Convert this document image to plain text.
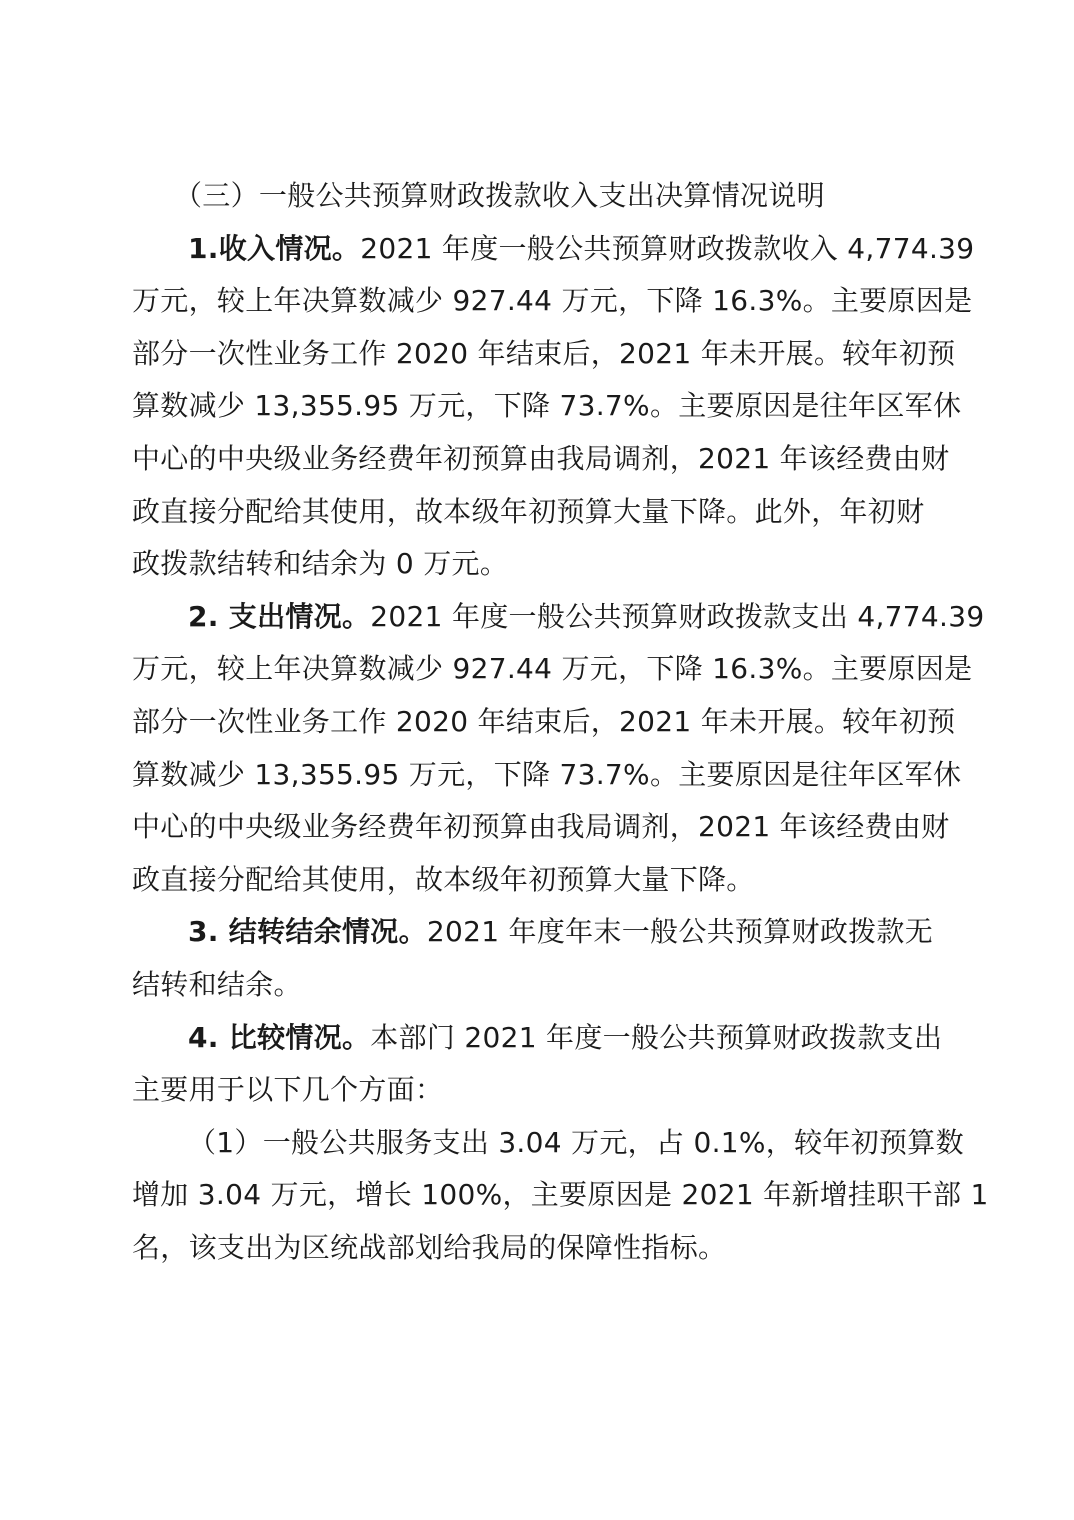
（三）一般公共预算财政拨款收入支出决算情况说明
1.收入情况。2021 年度一般公共预算财政拨款收入 4,774.39
万元，较上年决算数减少 927.44 万元，下降 16.3%。主要原因是
部分一次性业务工作 2020 年结束后，2021 年未开展。较年初预
算数减少 13,355.95 万元，下降 73.7%。主要原因是往年区军休
中心的中央级业务经费年初预算由我局调剂，2021 年该经费由财
政直接分配给其使用，故本级年初预算大量下降。此外，年初财
政拨款结转和结余为 0 万元。
2. 支出情况。2021 年度一般公共预算财政拨款支出 4,774.39
万元，较上年决算数减少 927.44 万元，下降 16.3%。主要原因是
部分一次性业务工作 2020 年结束后，2021 年未开展。较年初预
算数减少 13,355.95 万元，下降 73.7%。主要原因是往年区军休
中心的中央级业务经费年初预算由我局调剂，2021 年该经费由财
政直接分配给其使用，故本级年初预算大量下降。
3. 结转结余情况。2021 年度年末一般公共预算财政拨款无
结转和结余。
4. 比较情况。本部门 2021 年度一般公共预算财政拨款支出
主要用于以下几个方面：
（1）一般公共服务支出 3.04 万元，占 0.1%，较年初预算数
增加 3.04 万元，增长 100%，主要原因是 2021 年新增挂职干部 1
名，该支出为区统战部划给我局的保障性指标。
